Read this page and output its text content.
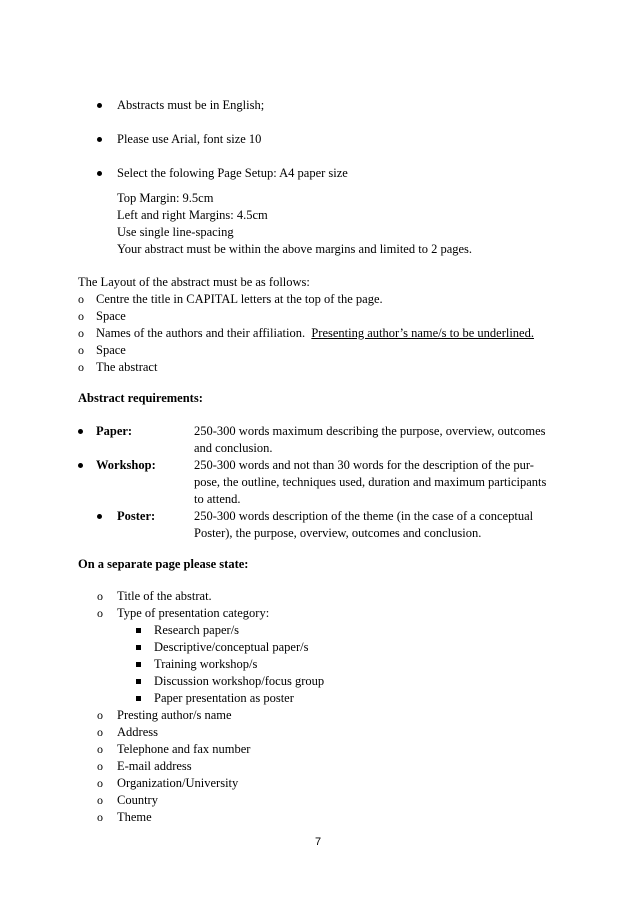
Abstracts must be in English;
Please use Arial, font size 10
Select the folowing Page Setup: A4 paper size
Top Margin: 9.5cm
Left and right Margins: 4.5cm
Use single line-spacing
Your abstract must be within the above margins and limited to 2 pages.
The Layout of the abstract must be as follows:
o Centre the title in CAPITAL letters at the top of the page.
o Space
o Names of the authors and their affiliation. Presenting author’s name/s to be underlined.
o Space
o The abstract
Abstract requirements:
Paper:	250-300 words maximum describing the purpose, overview, outcomes
and conclusion.
Workshop:	250-300 words and not than 30 words for the description of the pur-
pose, the outline, techniques used, duration and maximum participants
to attend.
Poster:	250-300 words description of the theme (in the case of a conceptual
Poster), the purpose, overview, outcomes and conclusion.
On a separate page please state:
o Title of the abstrat.
o Type of presentation category:
Research paper/s
Descriptive/conceptual paper/s
Training workshop/s
Discussion workshop/focus group
Paper presentation as poster
o Presting author/s name
o Address
o Telephone and fax number
o E-mail address
o Organization/University
o Country
o Theme
7
